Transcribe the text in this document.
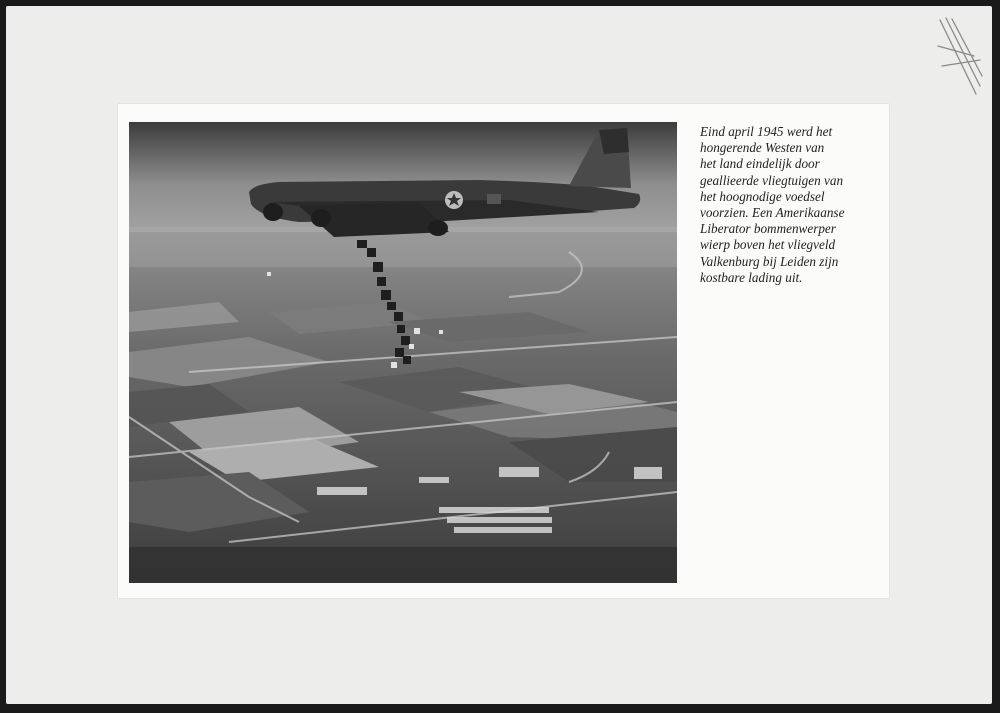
Eind april 1945 werd het
hongerende Westen van
het land eindelijk door
geallieerde vliegtuigen van
het hoognodige voedsel
voorzien. Een Amerikaanse
Liberator bommenwerper
wierp boven het vliegveld
Valkenburg bij Leiden zijn
kostbare lading uit.
